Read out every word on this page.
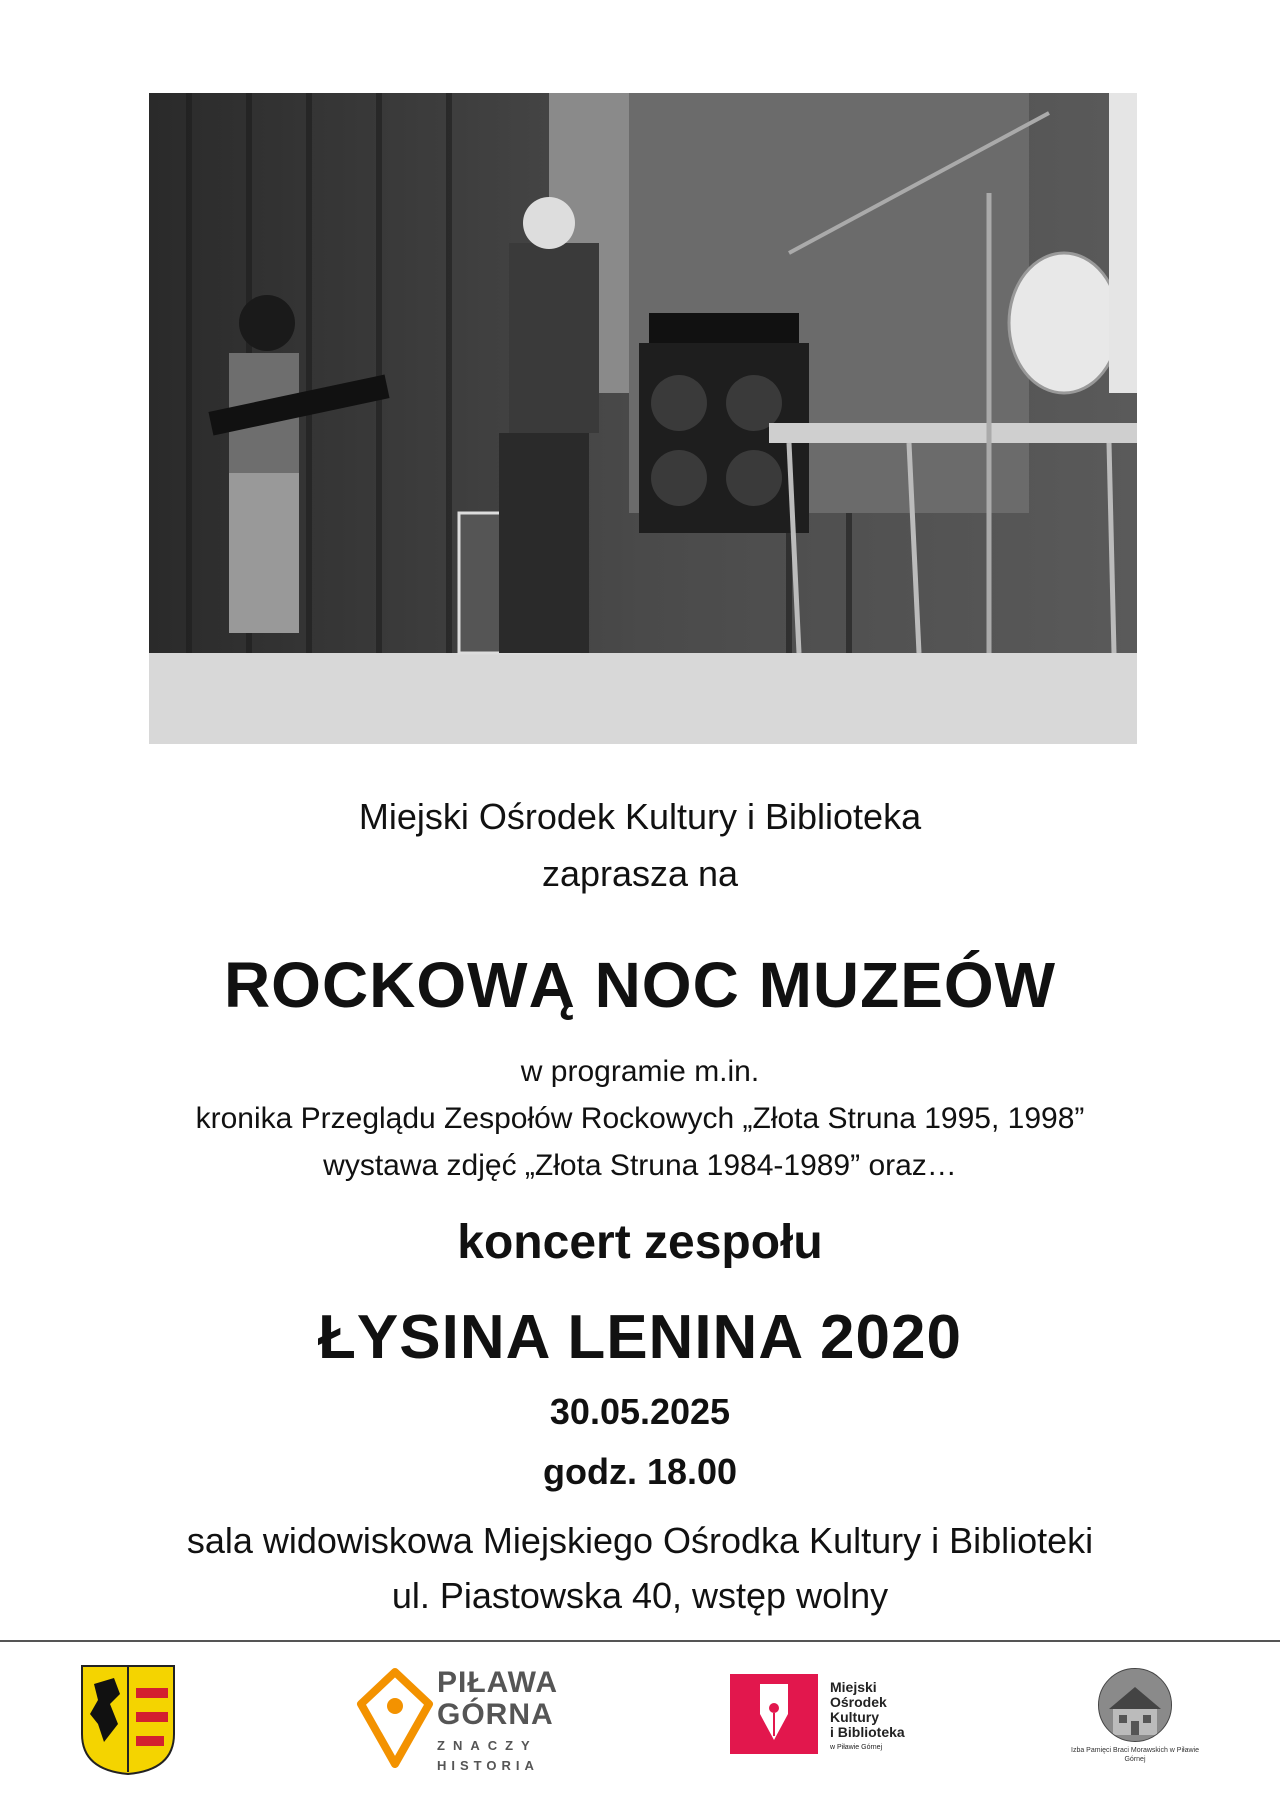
Miejski Ośrodek Kultury i Biblioteka
zaprasza na
ROCKOWĄ NOC MUZEÓW
w programie m.in.
kronika Przeglądu Zespołów Rockowych „Złota Struna 1995, 1998”
wystawa zdjęć „Złota Struna 1984-1989” oraz…
koncert zespołu
ŁYSINA LENINA 2020
30.05.2025
godz. 18.00
sala widowiskowa Miejskiego Ośrodka Kultury i Biblioteki
ul. Piastowska 40, wstęp wolny
PIŁAWA
GÓRNA
ZNACZY
HISTORIA
Miejski
Ośrodek
Kultury
i Biblioteka
w Piławie Górnej	Izba Pamięci Braci Morawskich w Piławie Górnej
